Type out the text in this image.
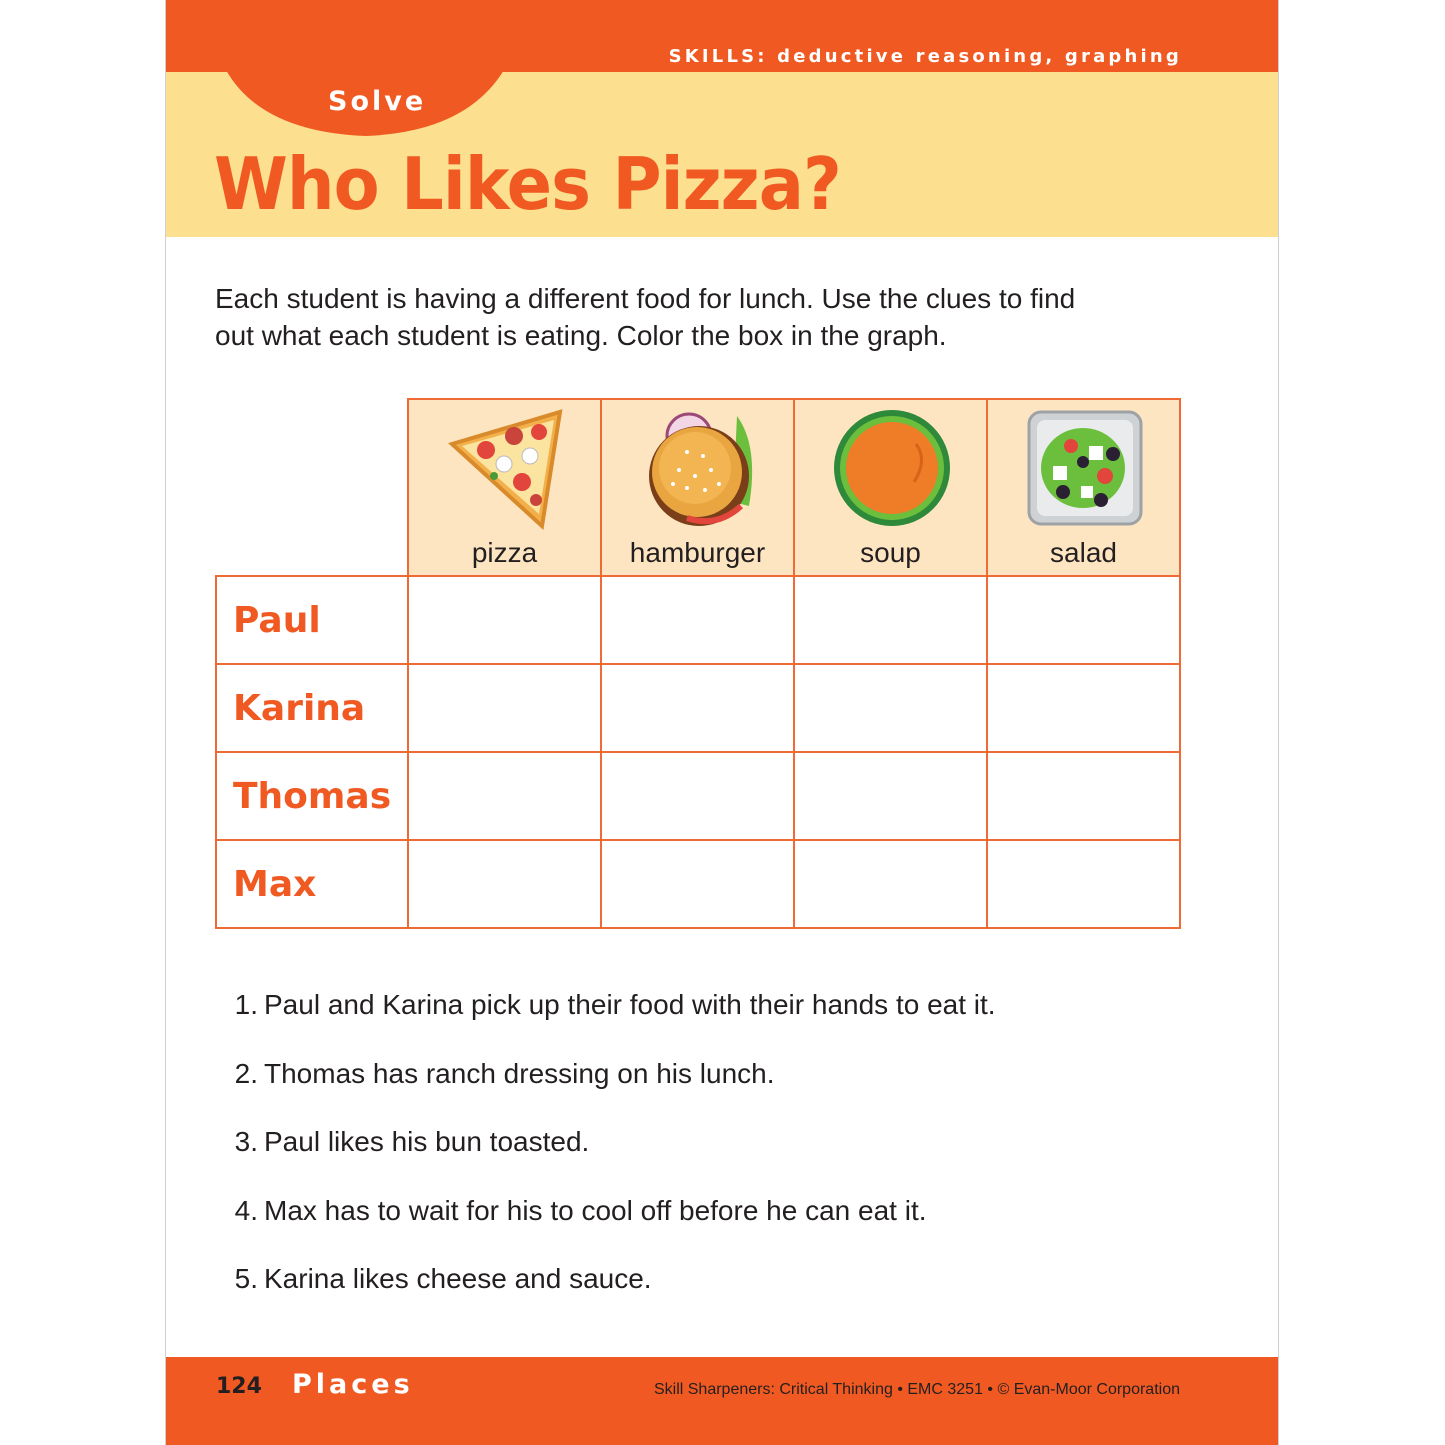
SKILLS: deductive reasoning, graphing
Solve
Who Likes Pizza?

Each student is having a different food for lunch. Use the clues to find
out what each student is eating. Color the box in the graph.

	pizza	hamburger	soup	salad

Paul				
Karina				
Thomas				
Max				
1. Paul and Karina pick up their food with their hands to eat it.
2. Thomas has ranch dressing on his lunch.
3. Paul likes his bun toasted.
4. Max has to wait for his to cool off before he can eat it.
5. Karina likes cheese and sauce.
124 Places	Skill Sharpeners: Critical Thinking • EMC 3251 • © Evan-Moor Corporation
